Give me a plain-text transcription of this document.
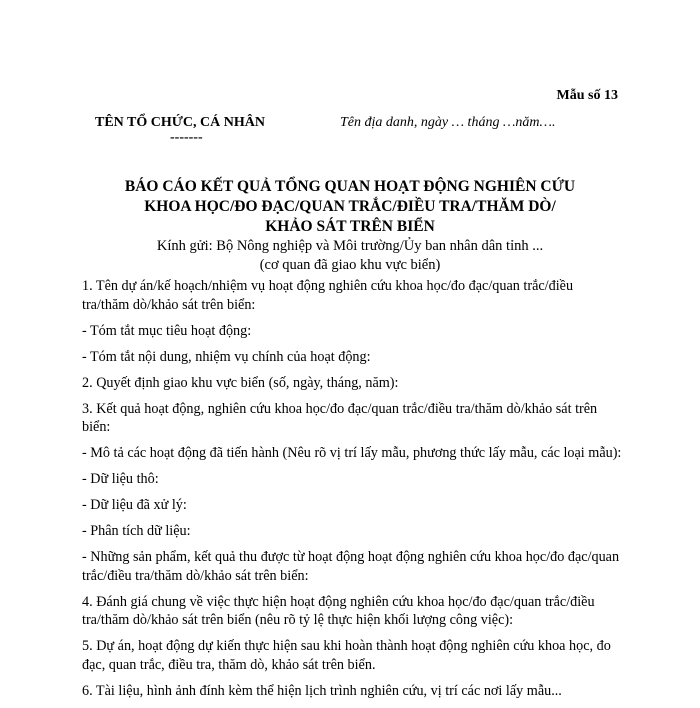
Mẫu số 13
TÊN TỔ CHỨC, CÁ NHÂN
-------
Tên địa danh, ngày … tháng …năm….
BÁO CÁO KẾT QUẢ TỔNG QUAN HOẠT ĐỘNG NGHIÊN CỨU
KHOA HỌC/ĐO ĐẠC/QUAN TRẮC/ĐIỀU TRA/THĂM DÒ/
KHẢO SÁT TRÊN BIỂN
Kính gửi: Bộ Nông nghiệp và Môi trường/Ủy ban nhân dân tỉnh ...
(cơ quan đã giao khu vực biển)

1. Tên dự án/kế hoạch/nhiệm vụ hoạt động nghiên cứu khoa học/đo đạc/quan trắc/điều tra/thăm dò/khảo sát trên biển:

- Tóm tắt mục tiêu hoạt động:

- Tóm tắt nội dung, nhiệm vụ chính của hoạt động:

2. Quyết định giao khu vực biển (số, ngày, tháng, năm):

3. Kết quả hoạt động, nghiên cứu khoa học/đo đạc/quan trắc/điều tra/thăm dò/khảo sát trên biển:

- Mô tả các hoạt động đã tiến hành (Nêu rõ vị trí lấy mẫu, phương thức lấy mẫu, các loại mẫu):

- Dữ liệu thô:

- Dữ liệu đã xử lý:

- Phân tích dữ liệu:

- Những sản phẩm, kết quả thu được từ hoạt động hoạt động nghiên cứu khoa học/đo đạc/quan trắc/điều tra/thăm dò/khảo sát trên biển:

4. Đánh giá chung về việc thực hiện hoạt động nghiên cứu khoa học/đo đạc/quan trắc/điều tra/thăm dò/khảo sát trên biển (nêu rõ tỷ lệ thực hiện khối lượng công việc):

5. Dự án, hoạt động dự kiến thực hiện sau khi hoàn thành hoạt động nghiên cứu khoa học, đo đạc, quan trắc, điều tra, thăm dò, khảo sát trên biển.

6. Tài liệu, hình ảnh đính kèm thể hiện lịch trình nghiên cứu, vị trí các nơi lấy mẫu...
